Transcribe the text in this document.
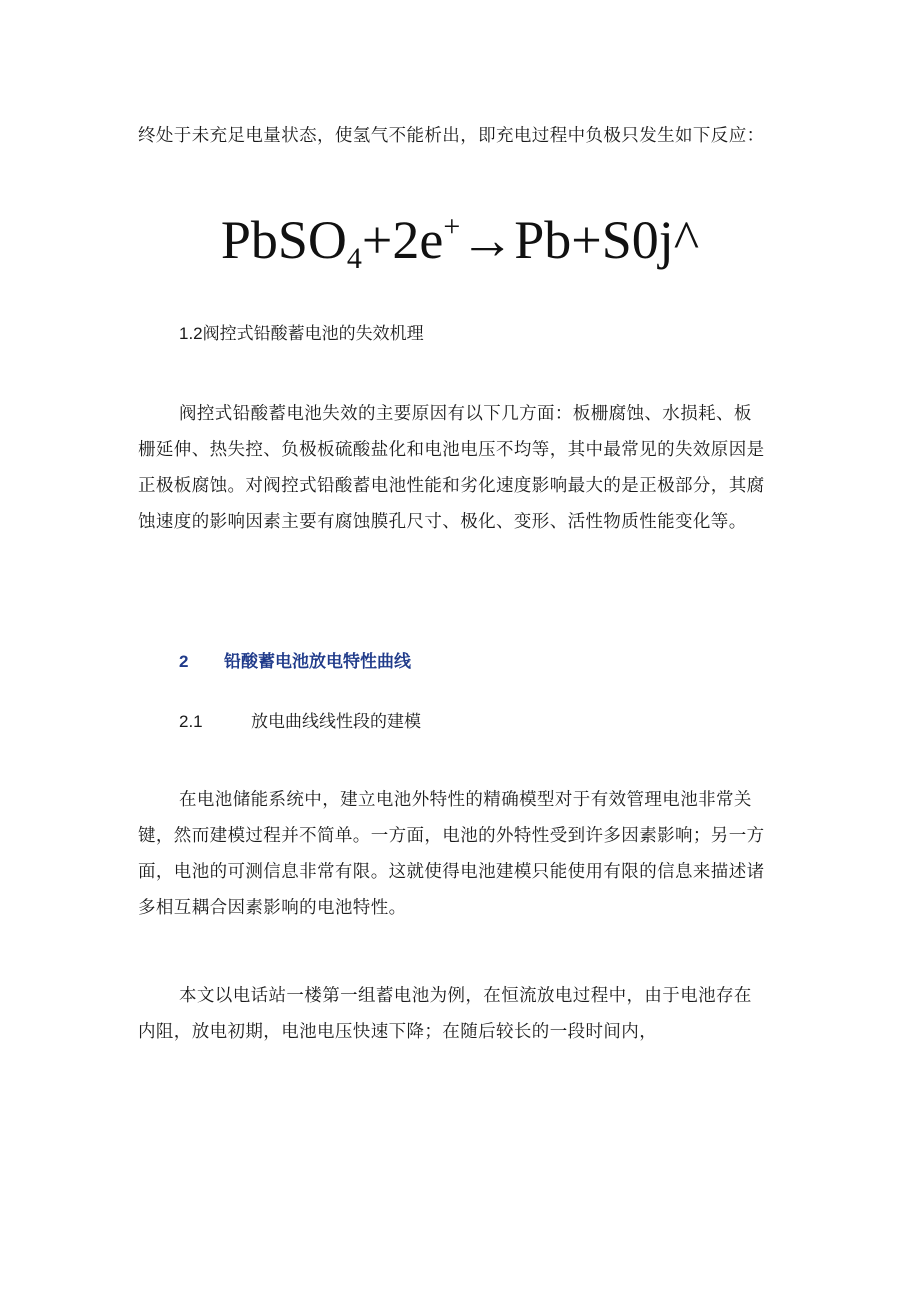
终处于未充足电量状态，使氢气不能析出，即充电过程中负极只发生如下反应：

PbSO$_4$+2e+→Pb+S0j^

1.2阀控式铅酸蓄电池的失效机理

阀控式铅酸蓄电池失效的主要原因有以下几方面：板栅腐蚀、水损耗、板
栅延伸、热失控、负极板硫酸盐化和电池电压不均等，其中最常见的失效原因是
正极板腐蚀。对阀控式铅酸蓄电池性能和劣化速度影响最大的是正极部分，其腐
蚀速度的影响因素主要有腐蚀膜孔尺寸、极化、变形、活性物质性能变化等。

2 铅酸蓄电池放电特性曲线

2.1	放电曲线线性段的建模

在电池储能系统中，建立电池外特性的精确模型对于有效管理电池非常关
键，然而建模过程并不简单。一方面，电池的外特性受到许多因素影响；另一方
面，电池的可测信息非常有限。这就使得电池建模只能使用有限的信息来描述诸
多相互耦合因素影响的电池特性。

本文以电话站一楼第一组蓄电池为例，在恒流放电过程中，由于电池存在
内阻，放电初期，电池电压快速下降；在随后较长的一段时间内，
